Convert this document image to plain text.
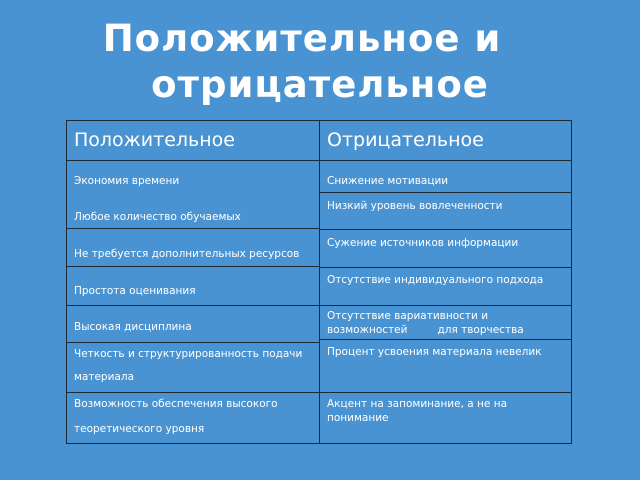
Положительное и
отрицательное
Положительное	Отрицательное
Экономия времени
Любое количество обучаемых
Не требуется дополнительных ресурсов
Простота оценивания
Высокая дисциплина
Четкость и структурированность подачи
материала
Возможность обеспечения высокого
теоретического уровня
Снижение мотивации
Низкий уровень вовлеченности
Сужение источников информации
Отсутствие индивидуального подхода
Отсутствие вариативности и
возможностей         для творчества
Процент усвоения материала невелик
Акцент на запоминание, а не на
понимание
